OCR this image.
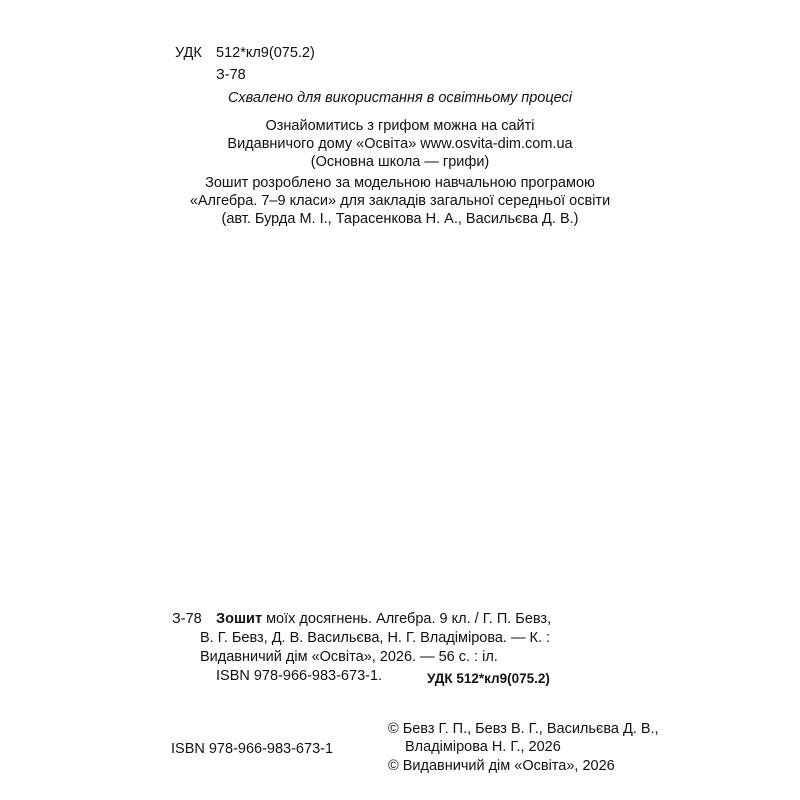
УДК 512*кл9(075.2)
З-78
Схвалено для використання в освітньому процесі
Ознайомитись з грифом можна на сайті
Видавничого дому «Освіта» www.osvita-dim.com.ua
(Основна школа — грифи)
Зошит розроблено за модельною навчальною програмою
«Алгебра. 7–9 класи» для закладів загальної середньої освіти
(авт. Бурда М. І., Тарасенкова Н. А., Васильєва Д. В.)
З-78 Зошит моїх досягнень. Алгебра. 9 кл. / Г. П. Бевз,
В. Г. Бевз, Д. В. Васильєва, Н. Г. Владімірова. — К. :
Видавничий дім «Освіта», 2026. — 56 с. : іл.
ISBN 978-966-983-673-1.	УДК 512*кл9(075.2)
ISBN 978-966-983-673-1
© Бевз Г. П., Бевз В. Г., Васильєва Д. В.,
Владімірова Н. Г., 2026
© Видавничий дім «Освіта», 2026
